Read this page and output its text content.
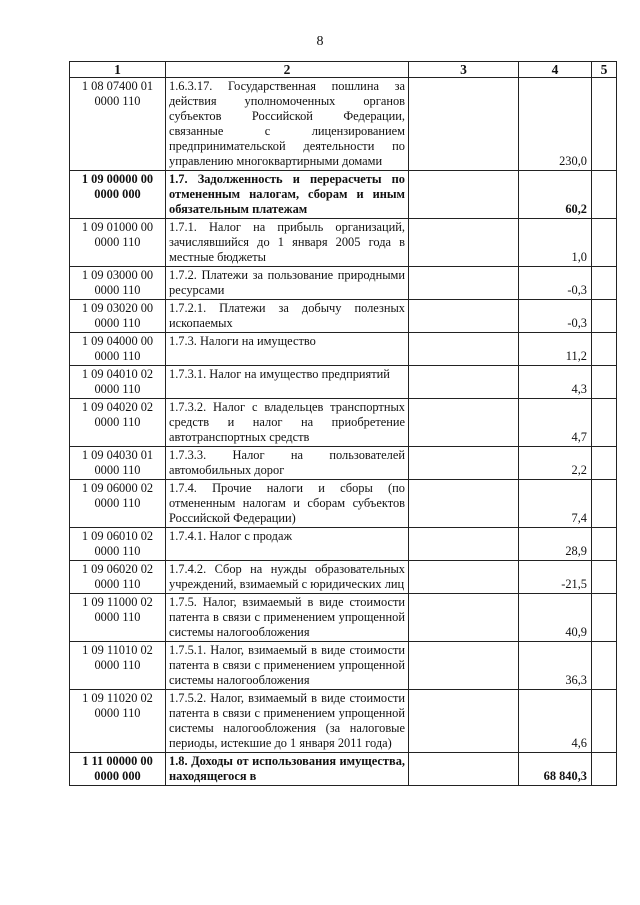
8
1	2	3	4	5

1 08 07400 01
0000 110	1.6.3.17. Государственная пошлина за действия уполномоченных органов субъектов Российской Федерации, связанные с лицензированием предпринимательской деятельности по управлению многоквартирными домами		230,0	

1 09 00000 00
0000 000	1.7. Задолженность и перерасчеты по отмененным налогам, сборам и иным обязательным платежам		60,2	

1 09 01000 00
0000 110	1.7.1. Налог на прибыль организаций, зачислявшийся до 1 января 2005 года в местные бюджеты		1,0	

1 09 03000 00
0000 110	1.7.2. Платежи за пользование природными ресурсами		-0,3	

1 09 03020 00
0000 110	1.7.2.1. Платежи за добычу полезных ископаемых		-0,3	

1 09 04000 00
0000 110	1.7.3. Налоги на имущество		11,2	

1 09 04010 02
0000 110	1.7.3.1. Налог на имущество предприятий		4,3	

1 09 04020 02
0000 110	1.7.3.2. Налог с владельцев транспортных средств и налог на приобретение автотранспортных средств		4,7	

1 09 04030 01
0000 110	1.7.3.3. Налог на пользователей автомобильных дорог		2,2	

1 09 06000 02
0000 110	1.7.4. Прочие налоги и сборы (по отмененным налогам и сборам субъектов Российской Федерации)		7,4	

1 09 06010 02
0000 110	1.7.4.1. Налог с продаж		28,9	

1 09 06020 02
0000 110	1.7.4.2. Сбор на нужды образовательных учреждений, взимаемый с юридических лиц		-21,5	

1 09 11000 02
0000 110	1.7.5. Налог, взимаемый в виде стоимости патента в связи с применением упрощенной системы налогообложения		40,9	

1 09 11010 02
0000 110	1.7.5.1. Налог, взимаемый в виде стоимости патента в связи с применением упрощенной системы налогообложения		36,3	

1 09 11020 02
0000 110	1.7.5.2. Налог, взимаемый в виде стоимости патента в связи с применением упрощенной системы налогообложения (за налоговые периоды, истекшие до 1 января 2011 года)		4,6	

1 11 00000 00
0000 000	1.8. Доходы от использования имущества, находящегося в		68 840,3	
